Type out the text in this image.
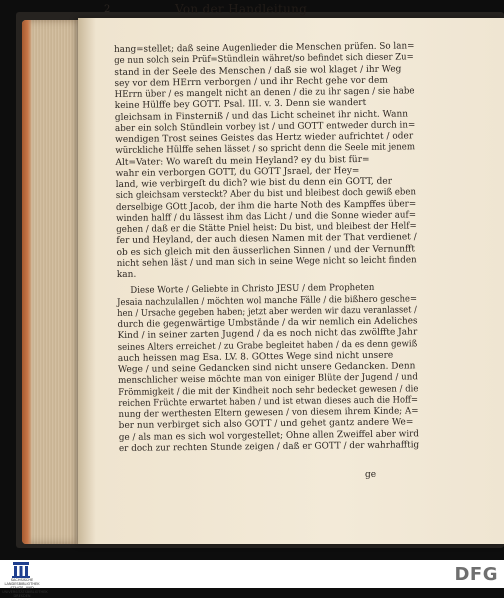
2	Von der Handleitung
hang=stellet; daß seine Augenlieder die Menschen prüfen. So lan=ge nun solch sein Prüf=Stündlein währet/so befindet sich dieser Zu=
stand in der Seele des Menschen / daß sie wol klaget / ihr Weg
sey vor dem HErrn verborgen / und ihr Recht gehe vor dem
HErrn über / es mangelt nicht an denen / die zu ihr sagen / sie habe
keine Hülffe bey GOTT. Psal. III. v. 3. Denn sie wandert
gleichsam in Finsterniß / und das Licht scheinet ihr nicht. Wann
aber ein solch Stündlein vorbey ist / und GOTT entweder durch in=
wendigen Trost seines Geistes das Hertz wieder aufrichtet / oder
würckliche Hülffe sehen lässet / so spricht denn die Seele mit jenem
Alt=Vater: Wo wareſt du mein Heyland? ey du bist für=
wahr ein verborgen GOTT, du GOTT Jsrael, der Hey=
land, wie verbirgeſt du dich? wie bist du denn ein GOTT, der
sich gleichsam versteckt? Aber du bist und bleibest doch gewiß ebenderselbige GOtt Jacob, der ihm die harte Noth des Kampffes über=winden halff / du lässest ihm das Licht / und die Sonne wieder auf=gehen / daß er die Stätte Pniel heist: Du bist, und bleibest der Helf=
fer und Heyland, der auch diesen Namen mit der That verdienet /
ob es sich gleich mit den äusserlichen Sinnen / und der Vernunfft
nicht sehen läst / und man sich in seine Wege nicht so leicht finden
kan.
Diese Worte / Geliebte in Christo JESU / dem ProphetenJesaia nachzulallen / möchten wol manche Fälle / die bißhero gesche=hen / Ursache gegeben haben; jetzt aber werden wir dazu veranlasset /durch die gegenwärtige Umbstände / da wir nemlich ein Adeliches
Kind / in seiner zarten Jugend / da es noch nicht das zwölffte Jahr
seines Alters erreichet / zu Grabe begleitet haben / da es denn gewiß
auch heissen mag Esa. LV. 8. GOttes Wege sind nicht unsere
Wege / und seine Gedancken sind nicht unsere Gedancken. Denn
menschlicher weise möchte man von einiger Blüte der Jugend / undFrömmigkeit / die mit der Kindheit noch sehr bedecket gewesen / diereichen Früchte erwartet haben / und ist etwan dieses auch die Hoff=nung der werthesten Eltern gewesen / von diesem ihrem Kinde; A=
ber nun verbirget sich also GOTT / und gehet gantz andere We=
ge / als man es sich wol vorgestellet; Ohne allen Zweiffel aber wirder doch zur rechten Stunde zeigen / daß er GOTT / der wahrhafftig
ge
SÄCHSISCHE LANDESBIBLIOTHEK STAATS- UND UNIVERSITÄTSBIBLIOTHEK DRESDEN
DFG
